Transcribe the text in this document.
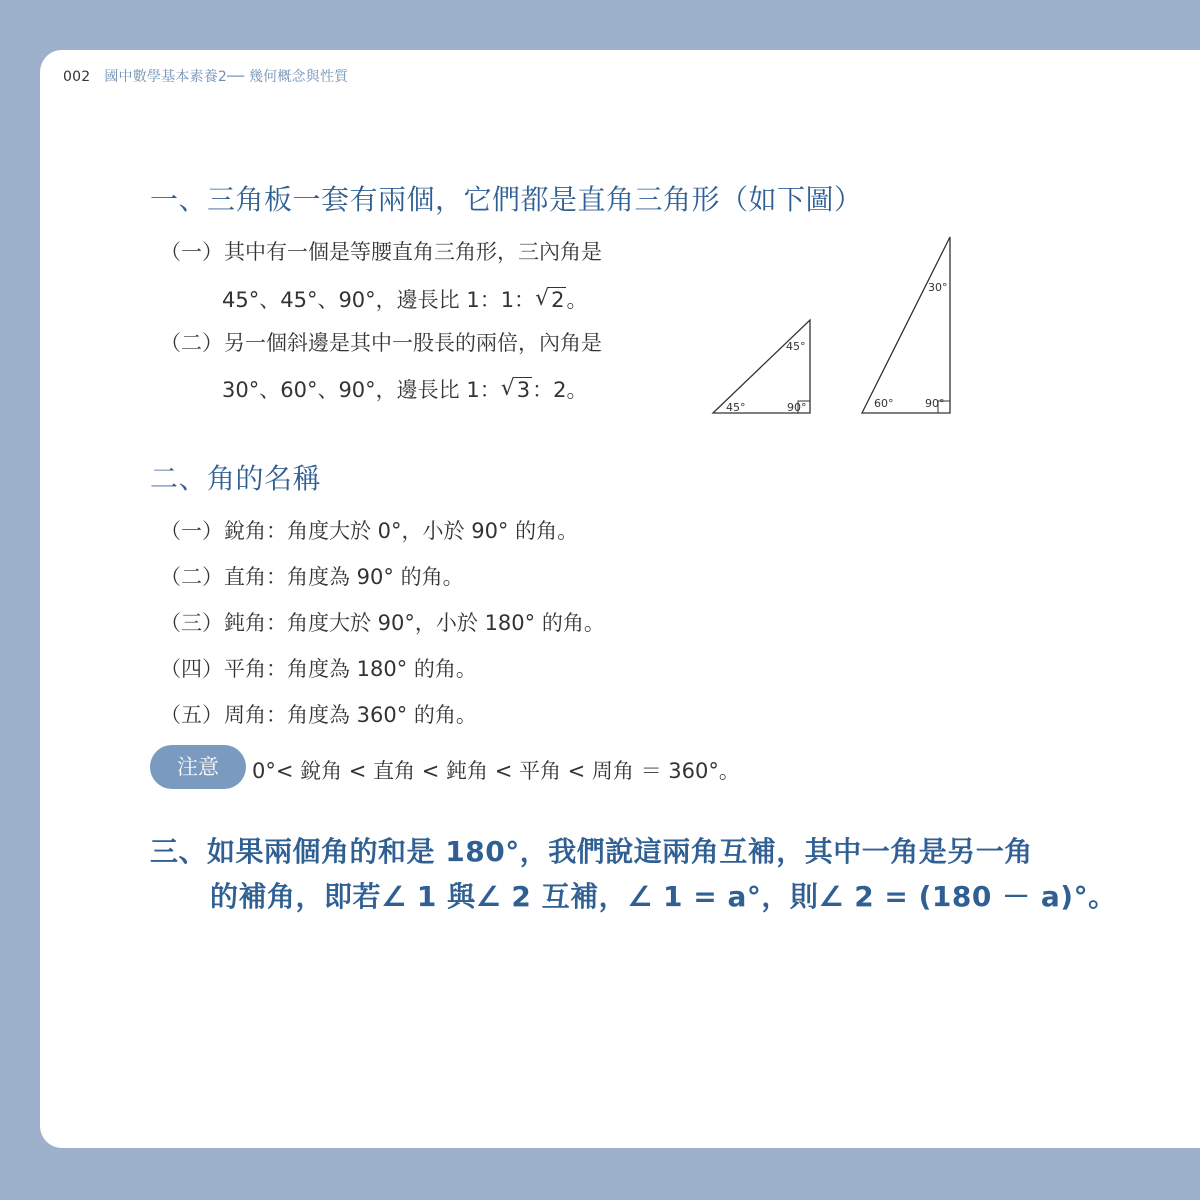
002 國中數學基本素養2── 幾何概念與性質
一、三角板一套有兩個，它們都是直角三角形（如下圖）
（一）其中有一個是等腰直角三角形，三內角是
45°、45°、90°，邊長比 1：1： √ 2。
（二）另一個斜邊是其中一股長的兩倍，內角是
30°、60°、90°，邊長比 1： √ 3：2。
45°
45°	90°
30°
60°	90°
二、角的名稱
（一）銳角：角度大於 0°，小於 90° 的角。
（二）直角：角度為 90° 的角。
（三）鈍角：角度大於 90°，小於 180° 的角。
（四）平角：角度為 180° 的角。
（五）周角：角度為 360° 的角。
注意	0°< 銳角 < 直角 < 鈍角 < 平角 < 周角 ＝ 360°。
三、如果兩個角的和是 180°，我們說這兩角互補，其中一角是另一角
的補角，即若∠ 1 與∠ 2 互補，∠ 1 = a°，則∠ 2 = (180 － a)°。
